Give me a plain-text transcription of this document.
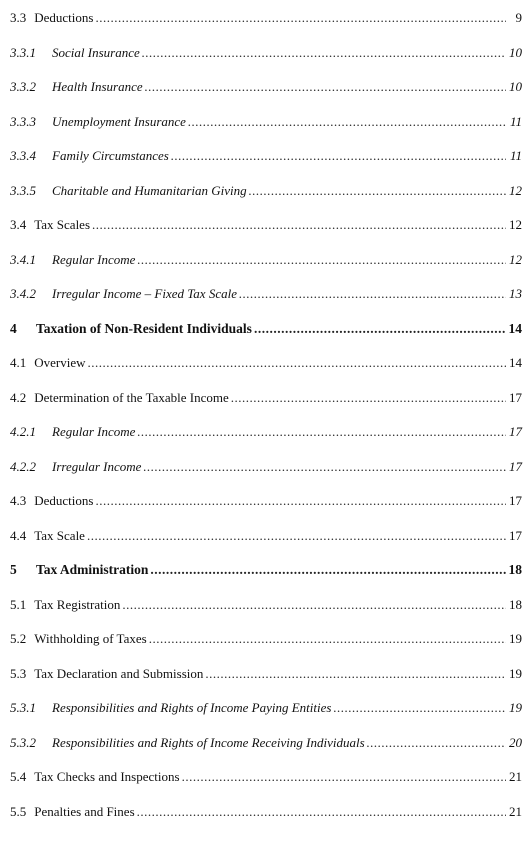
3.3 Deductions .....	9
3.3.1	Social Insurance .....	10
3.3.2	Health Insurance .....	10
3.3.3	Unemployment Insurance .....	11
3.3.4	Family Circumstances .....	11
3.3.5	Charitable and Humanitarian Giving .....	12
3.4 Tax Scales .....	12
3.4.1	Regular Income .....	12
3.4.2	Irregular Income – Fixed Tax Scale .....	13
4	Taxation of Non-Resident Individuals .....	14
4.1 Overview .....	14
4.2 Determination of the Taxable Income .....	17
4.2.1	Regular Income .....	17
4.2.2	Irregular Income .....	17
4.3 Deductions .....	17
4.4 Tax Scale .....	17
5	Tax Administration .....	18
5.1 Tax Registration .....	18
5.2 Withholding of Taxes .....	19
5.3 Tax Declaration and Submission .....	19
5.3.1	Responsibilities and Rights of Income Paying Entities .....	19
5.3.2	Responsibilities and Rights of Income Receiving Individuals .....	20
5.4 Tax Checks and Inspections .....	21
5.5 Penalties and Fines .....	21
